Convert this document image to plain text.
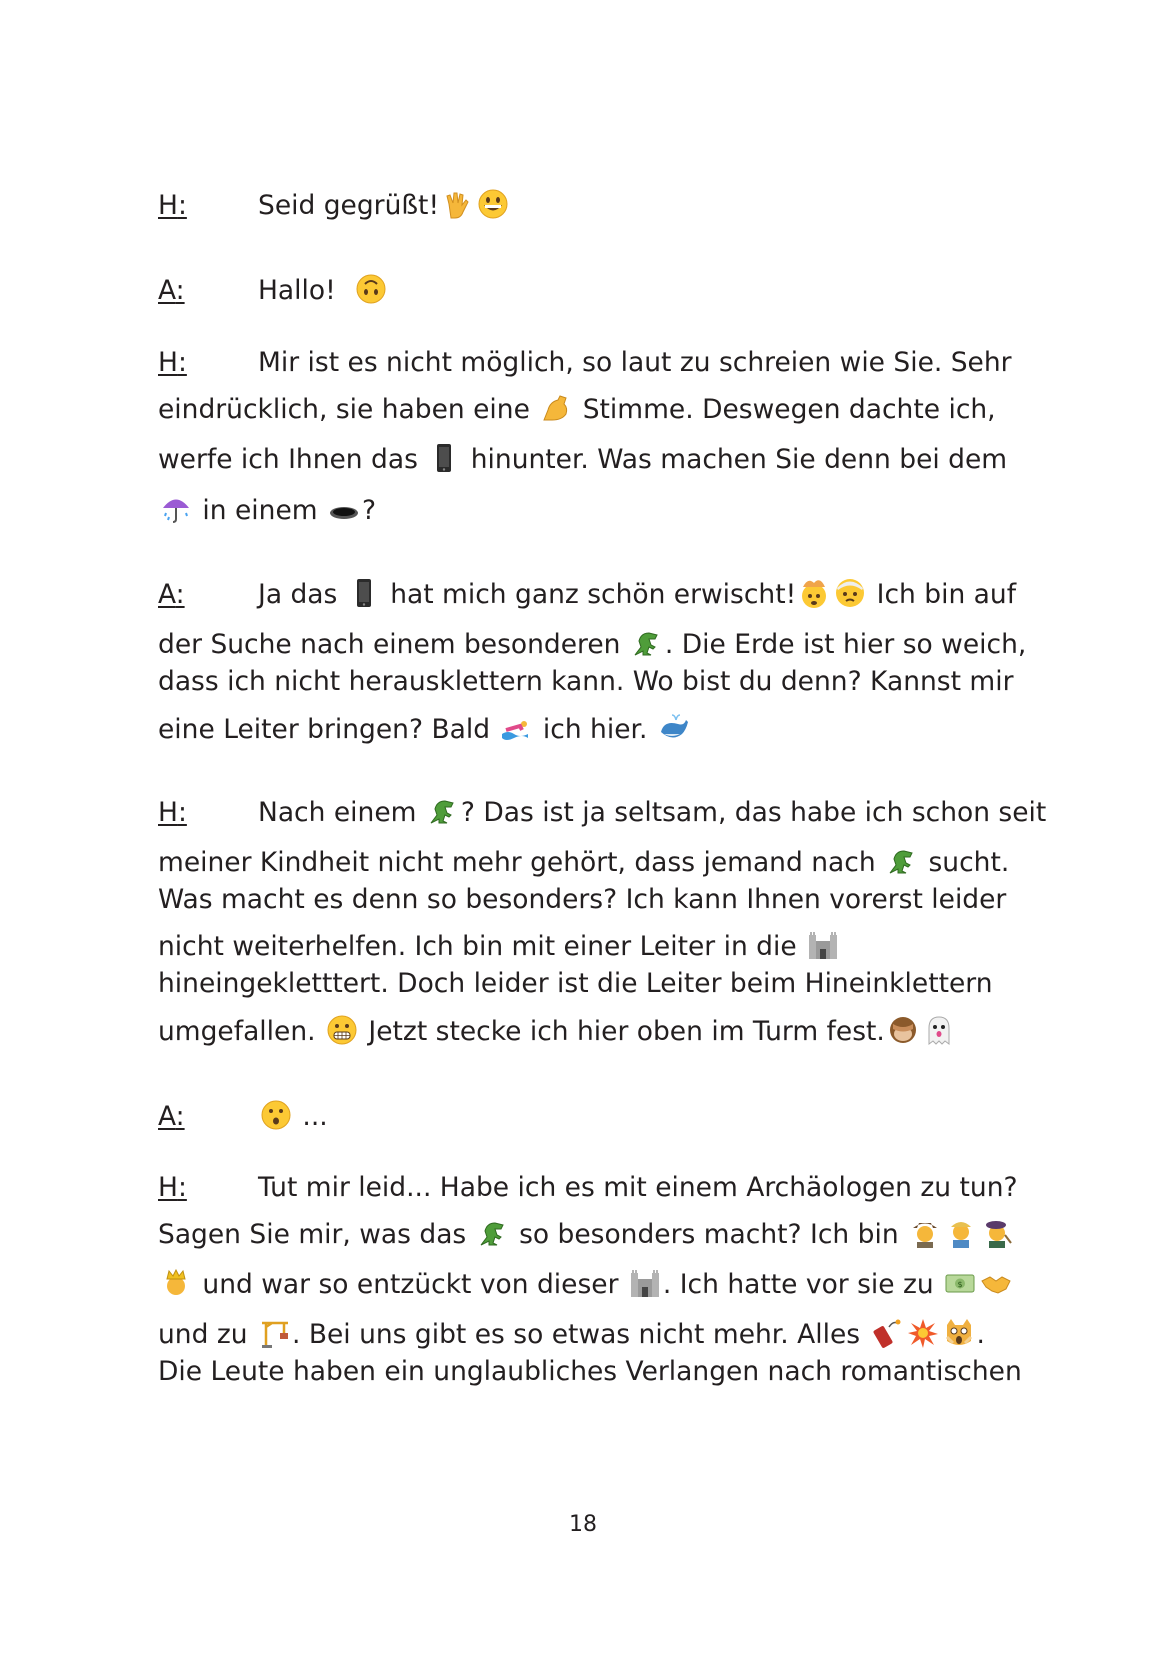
18
H:	Seid gegrüßt!
A:	Hallo!
H:	Mir ist es nicht möglich, so laut zu schreien wie Sie. Sehr
eindrücklich, sie haben eine
Stimme. Deswegen dachte ich,
werfe ich Ihnen das
hinunter. Was machen Sie denn bei dem
in einem
?
A:	Ja das
hat mich ganz schön erwischt!	Ich bin auf
der Suche nach einem besonderen
. Die Erde ist hier so weich,
dass ich nicht herausklettern kann. Wo bist du denn? Kannst mir
eine Leiter bringen? Bald
ich hier.
H:	Nach einem
? Das ist ja seltsam, das habe ich schon seit
meiner Kindheit nicht mehr gehört, dass jemand nach
sucht.
Was macht es denn so besonders? Ich kann Ihnen vorerst leider
nicht weiterhelfen. Ich bin mit einer Leiter in die
hineingekletttert. Doch leider ist die Leiter beim Hineinklettern
umgefallen.
Jetzt stecke ich hier oben im Turm fest.
A:	...
H:	Tut mir leid... Habe ich es mit einem Archäologen zu tun?
Sagen Sie mir, was das
so besonders macht? Ich bin
und war so entzückt von dieser
. Ich hatte vor sie zu $
und zu
. Bei uns gibt es so etwas nicht mehr. Alles	.
Die Leute haben ein unglaubliches Verlangen nach romantischen
